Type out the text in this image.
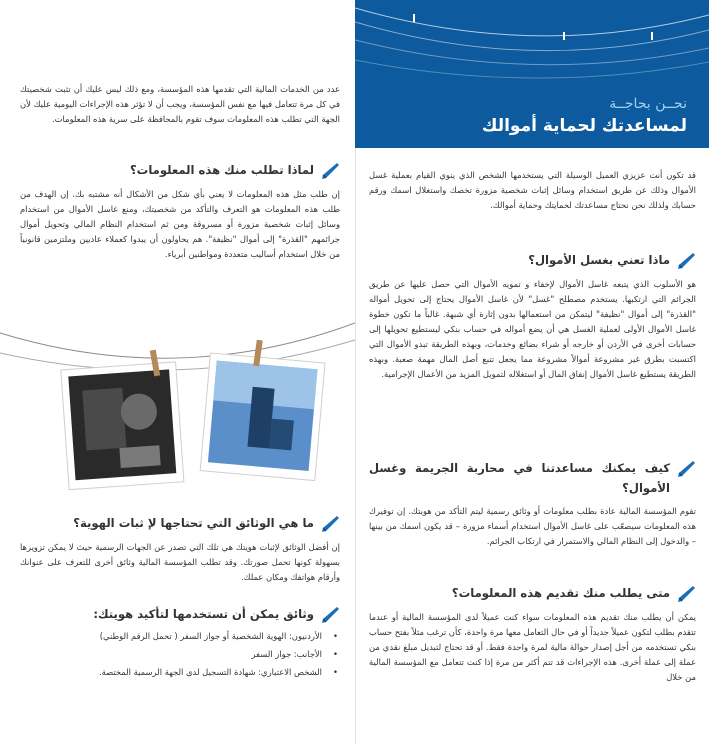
نحــن بحاجــة
لمساعدتك لحماية أموالك

قد تكون أنت عزيزي العميل الوسيلة التي يستخدمها الشخص الذي ينوي القيام بعملية غسل الأموال وذلك عن طريق استخدام وسائل إثبات شخصية مزورة تخصك واستغلال اسمك ورقم حسابك ولذلك نحن نحتاج مساعدتك لحمايتك وحماية أموالك.

ماذا تعني بغسل الأموال؟

هو الأسلوب الذي يتبعه غاسل الأموال لإخفاء و تمويه الأموال التي حصل عليها عن طريق الجرائم التي ارتكبها. يستخدم مصطلح "غسل" لأن غاسل الأموال يحتاج إلى تحويل أمواله "القذرة" إلى أموال "نظيفة" ليتمكن من استعمالها بدون إثارة أي شبهة. غالباً ما تكون خطوة غاسل الأموال الأولى لعملية الغسل هي أن يضع أمواله في حساب بنكي ليستطيع تحويلها إلى حسابات أخرى في الأردن أو خارجه أو شراء بضائع وخدمات، وبهذه الطريقة تبدو الأموال التي اكتسبت بطرق غير مشروعة أموالاً مشروعة مما يجعل تتبع أصل المال مهمة صعبة. وبهذه الطريقة يستطيع غاسل الأموال إنفاق المال أو استغلاله لتمويل المزيد من الأعمال الإجرامية.

كيف يمكنك مساعدتنا في محاربة الجريمة وغسل الأموال؟

تقوم المؤسسة المالية عادة بطلب معلومات أو وثائق رسمية ليتم التأكد من هويتك. إن توفيرك هذه المعلومات سيصعّب على غاسل الأموال استخدام أسماء مزورة – قد يكون اسمك من بينها – والدخول إلى النظام المالي والاستمرار في ارتكاب الجرائم.

متى يطلب منك تقديم هذه المعلومات؟

يمكن أن يطلب منك تقديم هذه المعلومات سواء كنت عميلاً لدى المؤسسة المالية أو عندما تتقدم بطلب لتكون عميلاً جديداً أو في حال التعامل معها مرة واحدة، كأن ترغب مثلاً بفتح حساب بنكي تستخدمه من أجل إصدار حوالة مالية لمرة واحدة فقط. أو قد تحتاج لتبديل مبلغ نقدي من عملة إلى عملة أخرى. هذه الإجراءات قد تتم أكثر من مرة إذا كنت تتعامل مع المؤسسة المالية من خلال

عدد من الخدمات المالية التي تقدمها هذه المؤسسة، ومع ذلك ليس عليك أن تثبت شخصيتك في كل مرة تتعامل فيها مع نفس المؤسسة، ويجب أن لا تؤثر هذه الإجراءات اليومية عليك لأن الجهة التي تطلب هذه المعلومات سوف تقوم بالمحافظة على سرية هذه المعلومات.

لماذا تطلب منك هذه المعلومات؟

إن طلب مثل هذه المعلومات لا يعني بأي شكل من الأشكال أنه مشتبه بك. إن الهدف من طلب هذه المعلومات هو التعرف والتأكد من شخصيتك، ومنع غاسل الأموال من استخدام وسائل إثبات شخصية مزورة أو مسروقة ومن ثم استخدام النظام المالي وتحويل أموال جرائمهم "القذرة" إلى أموال "نظيفة". هم يحاولون أن يبدوا كعملاء عاديين وملتزمين قانونياً من خلال استخدام أساليب متعددة ومواطنين أبرياء.

ما هي الوثائق التي تحتاجها لإ ثبات الهوية؟

إن أفضل الوثائق لإثبات هويتك هي تلك التي تصدر عن الجهات الرسمية حيث لا يمكن تزويرها بسهولة كونها تحمل صورتك. وقد تطلب المؤسسة المالية وثائق أخرى للتعرف على عنوانك وأرقام هواتفك ومكان عملك.

وثائق يمكن أن تستخدمها لتأكيد هويتك:
• الأردنيون: الهوية الشخصية أو جواز السفر ( تحمل الرقم الوطني)
• الأجانب: جواز السفر
• الشخص الاعتباري: شهادة التسجيل لدى الجهة الرسمية المختصة.
